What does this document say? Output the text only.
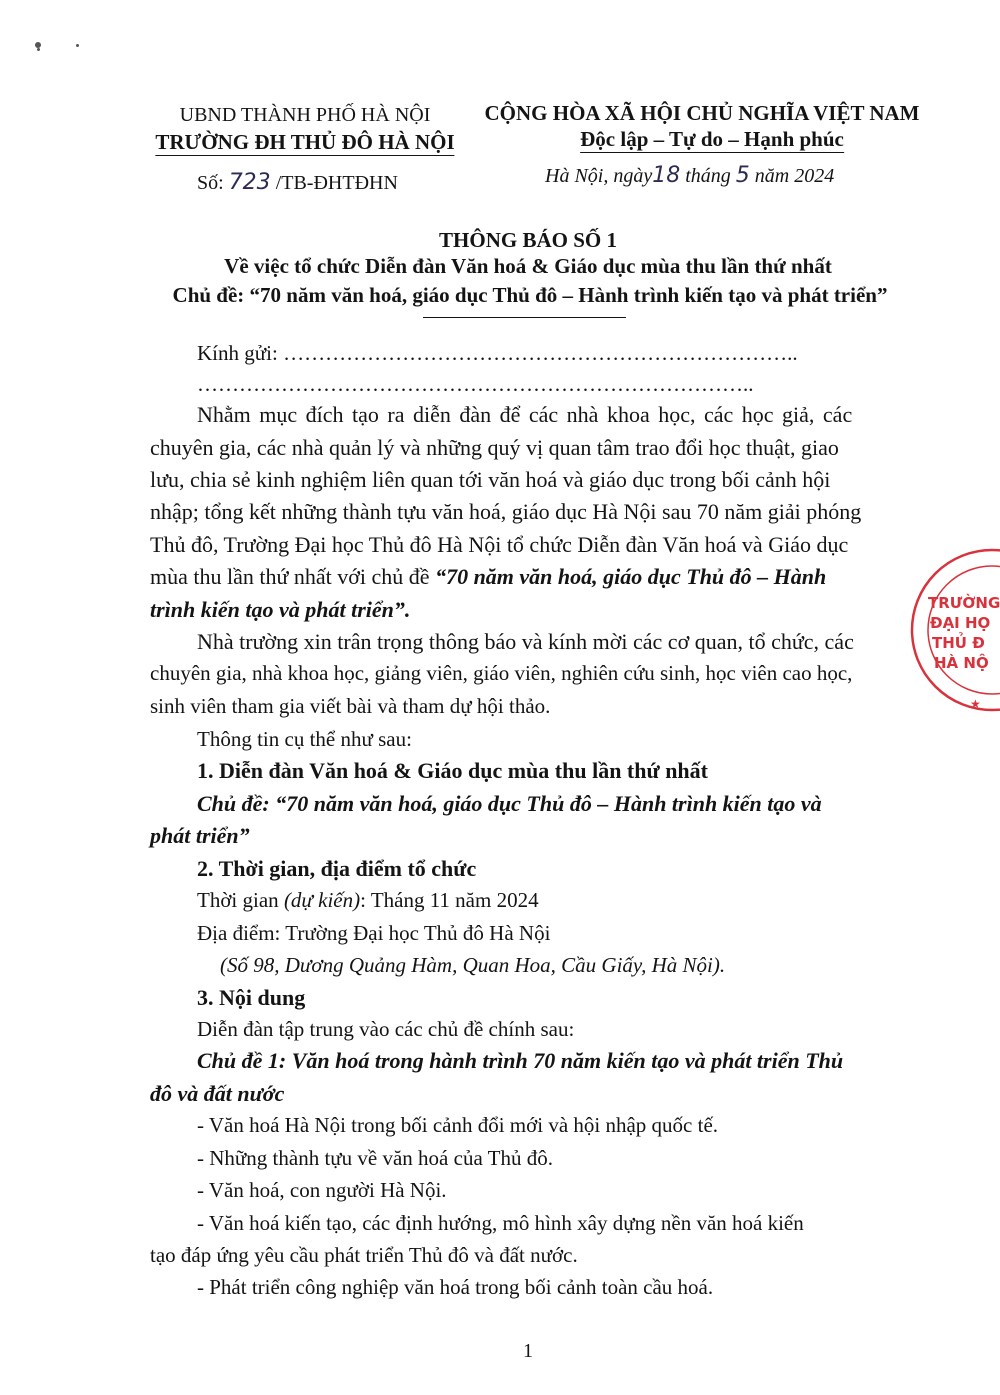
UBND THÀNH PHỐ HÀ NỘI
TRƯỜNG ĐH THỦ ĐÔ HÀ NỘI
Số: 723 /TB-ĐHTĐHN
CỘNG HÒA XÃ HỘI CHỦ NGHĨA VIỆT NAM
Độc lập – Tự do – Hạnh phúc
Hà Nội, ngày18 tháng 5 năm 2024
THÔNG BÁO SỐ 1
Về việc tổ chức Diễn đàn Văn hoá & Giáo dục mùa thu lần thứ nhất
Chủ đề: “70 năm văn hoá, giáo dục Thủ đô – Hành trình kiến tạo và phát triển”
Kính gửi: ………………………………………………………………..
……………………………………………………………………..
Nhằm mục đích tạo ra diễn đàn để các nhà khoa học, các học giả, các
chuyên gia, các nhà quản lý và những quý vị quan tâm trao đổi học thuật, giao
lưu, chia sẻ kinh nghiệm liên quan tới văn hoá và giáo dục trong bối cảnh hội
nhập; tổng kết những thành tựu văn hoá, giáo dục Hà Nội sau 70 năm giải phóng
Thủ đô, Trường Đại học Thủ đô Hà Nội tổ chức Diễn đàn Văn hoá và Giáo dục
mùa thu lần thứ nhất với chủ đề “70 năm văn hoá, giáo dục Thủ đô – Hành
trình kiến tạo và phát triển”.
Nhà trường xin trân trọng thông báo và kính mời các cơ quan, tổ chức, các
chuyên gia, nhà khoa học, giảng viên, giáo viên, nghiên cứu sinh, học viên cao học,
sinh viên tham gia viết bài và tham dự hội thảo.
Thông tin cụ thể như sau:
1. Diễn đàn Văn hoá & Giáo dục mùa thu lần thứ nhất
Chủ đề: “70 năm văn hoá, giáo dục Thủ đô – Hành trình kiến tạo và
phát triển”
2. Thời gian, địa điểm tổ chức
Thời gian (dự kiến): Tháng 11 năm 2024
Địa điểm: Trường Đại học Thủ đô Hà Nội
(Số 98, Dương Quảng Hàm, Quan Hoa, Cầu Giấy, Hà Nội).
3. Nội dung
Diễn đàn tập trung vào các chủ đề chính sau:
Chủ đề 1: Văn hoá trong hành trình 70 năm kiến tạo và phát triển Thủ
đô và đất nước
- Văn hoá Hà Nội trong bối cảnh đổi mới và hội nhập quốc tế.
- Những thành tựu về văn hoá của Thủ đô.
- Văn hoá, con người Hà Nội.
- Văn hoá kiến tạo, các định hướng, mô hình xây dựng nền văn hoá kiến
tạo đáp ứng yêu cầu phát triển Thủ đô và đất nước.
- Phát triển công nghiệp văn hoá trong bối cảnh toàn cầu hoá.
1
TRƯỜNG
ĐẠI HỌ
THỦ Đ
HÀ NỘ
★
